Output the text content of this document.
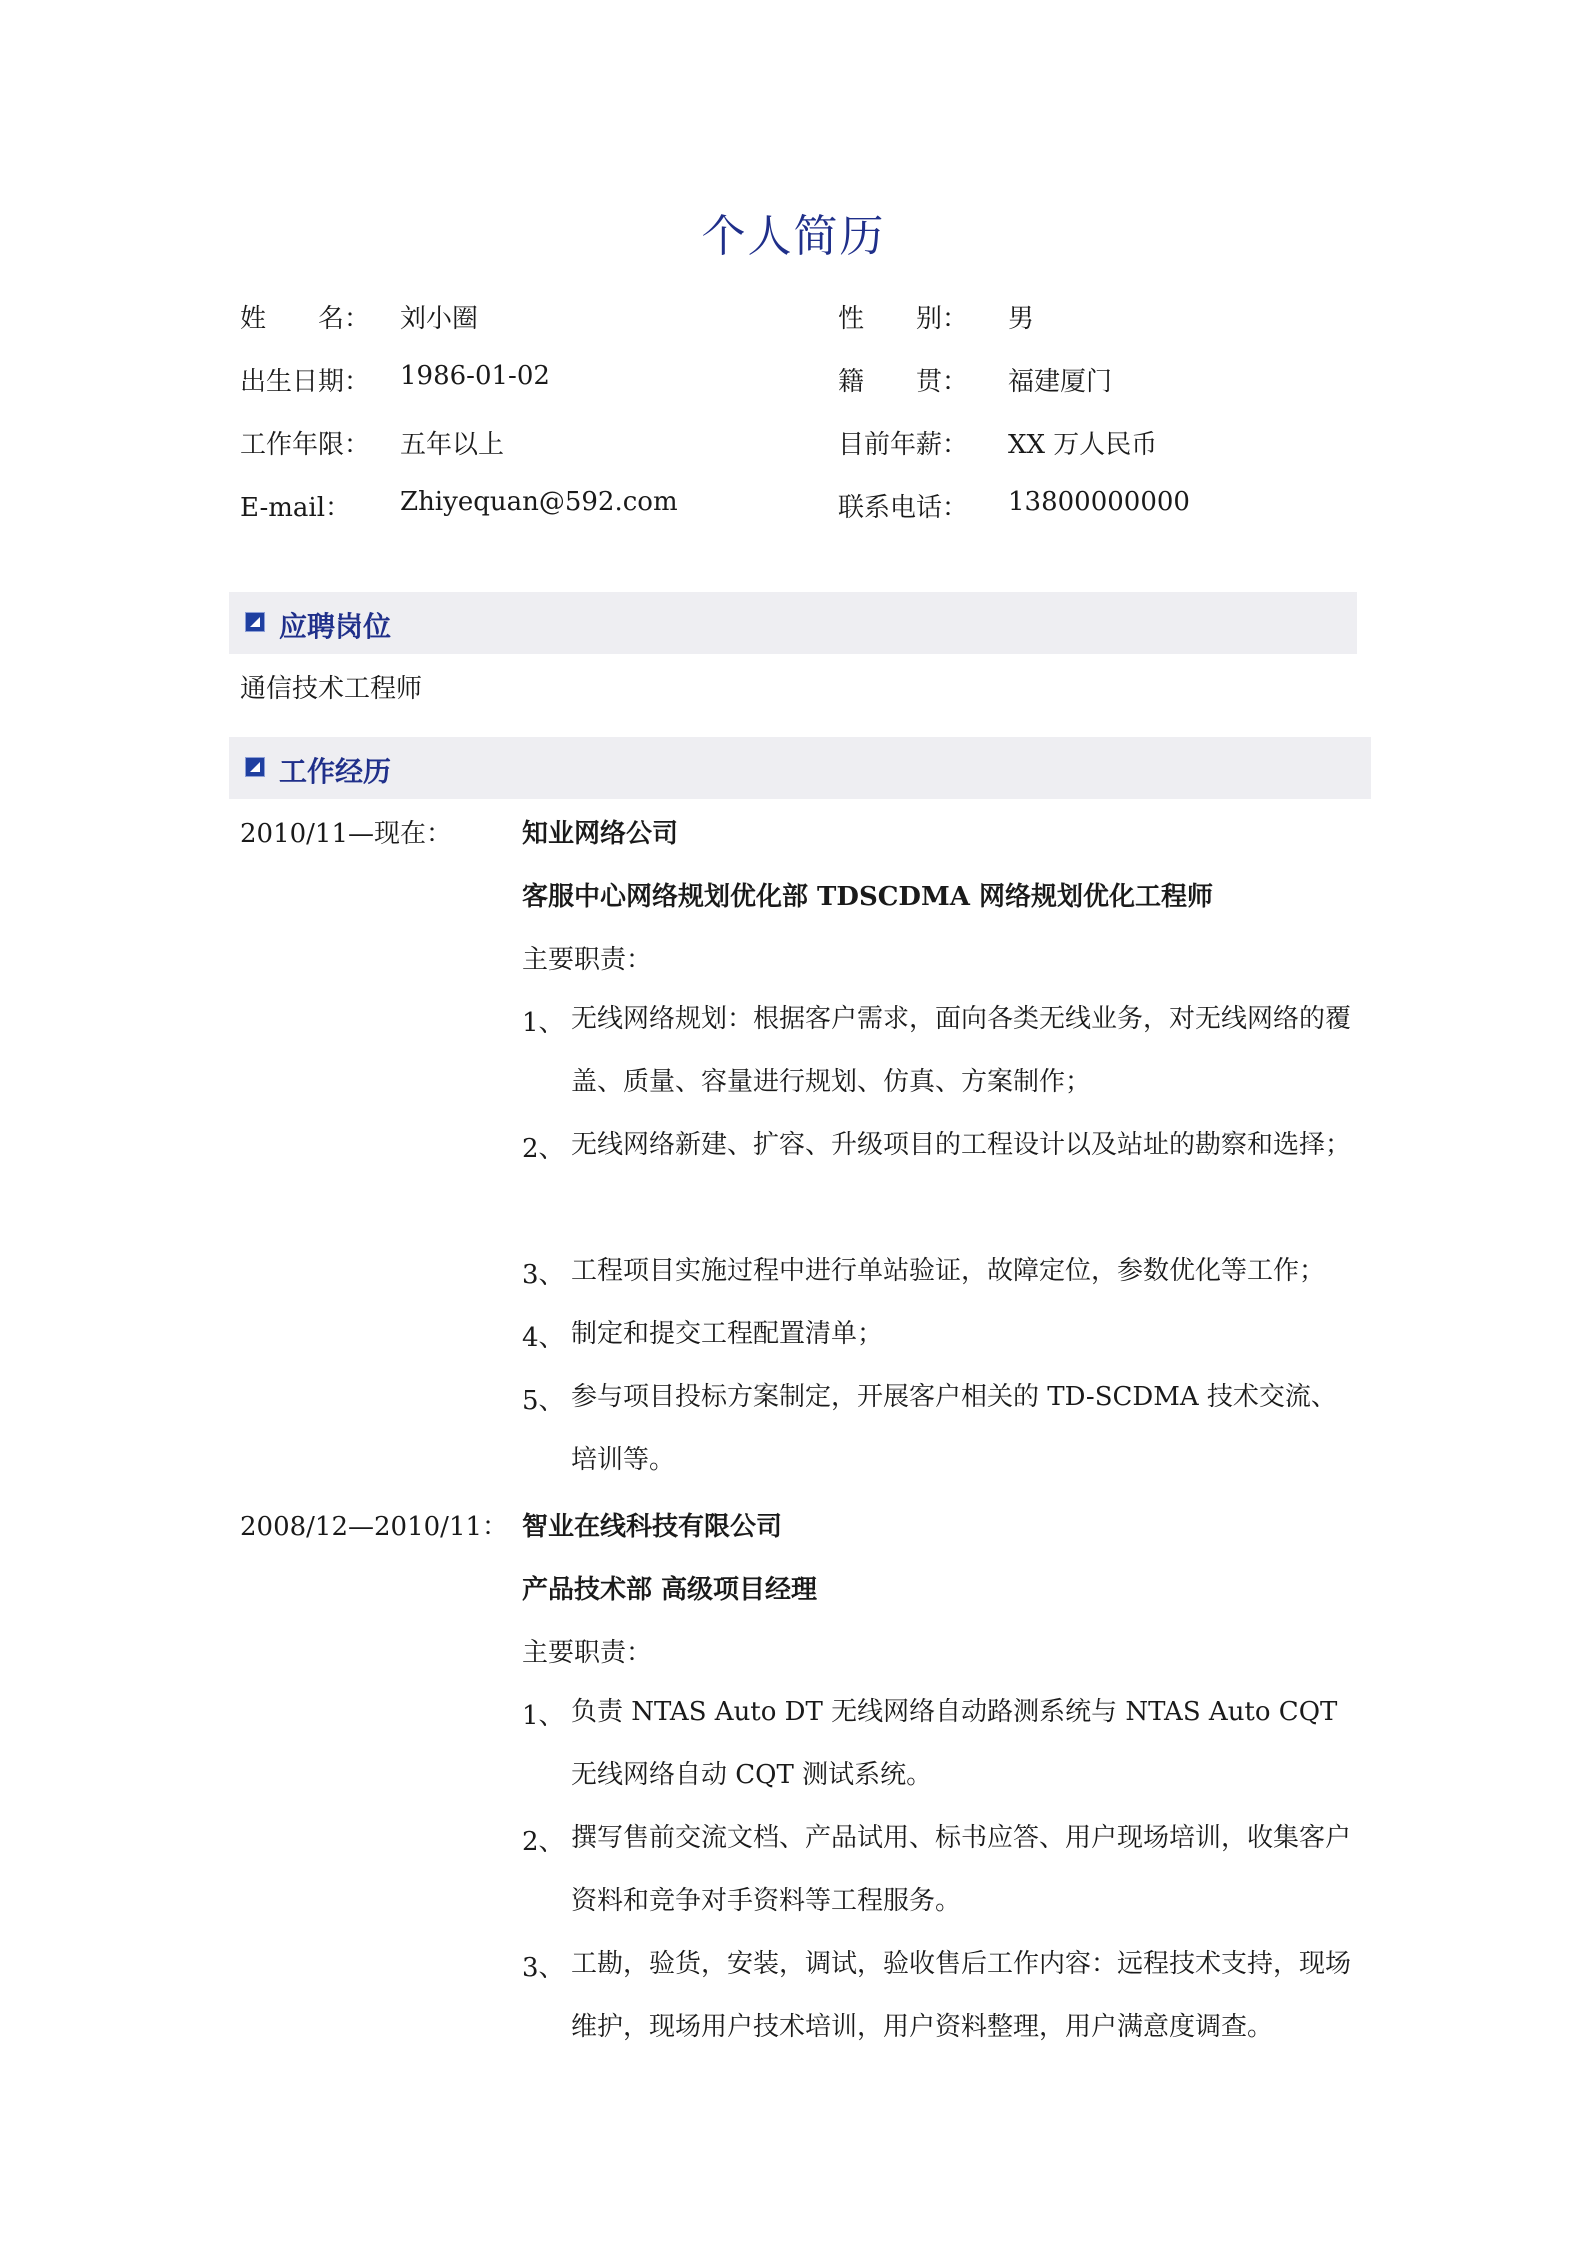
个人简历
姓　　名： 刘小圈	性　　别： 男
出生日期： 1986-01-02	籍　　贯： 福建厦门
工作年限： 五年以上	目前年薪： XX 万人民币
E-mail： Zhiyequan@592.com	联系电话： 13800000000
应聘岗位
通信技术工程师
工作经历
2010/11—现在：	知业网络公司
客服中心网络规划优化部 TDSCDMA 网络规划优化工程师
主要职责：
1、 无线网络规划：根据客户需求，面向各类无线业务，对无线网络的覆盖、质量、容量进行规划、仿真、方案制作；
2、 无线网络新建、扩容、升级项目的工程设计以及站址的勘察和选择；
3、 工程项目实施过程中进行单站验证，故障定位，参数优化等工作；
4、 制定和提交工程配置清单；
5、 参与项目投标方案制定，开展客户相关的 TD-SCDMA 技术交流、培训等。
2008/12—2010/11： 智业在线科技有限公司
产品技术部 高级项目经理
主要职责：
1、 负责 NTAS Auto DT 无线网络自动路测系统与 NTAS Auto CQT 无线网络自动 CQT 测试系统。
2、 撰写售前交流文档、产品试用、标书应答、用户现场培训，收集客户资料和竞争对手资料等工程服务。
3、 工勘，验货，安装，调试，验收售后工作内容：远程技术支持，现场维护，现场用户技术培训，用户资料整理，用户满意度调查。
